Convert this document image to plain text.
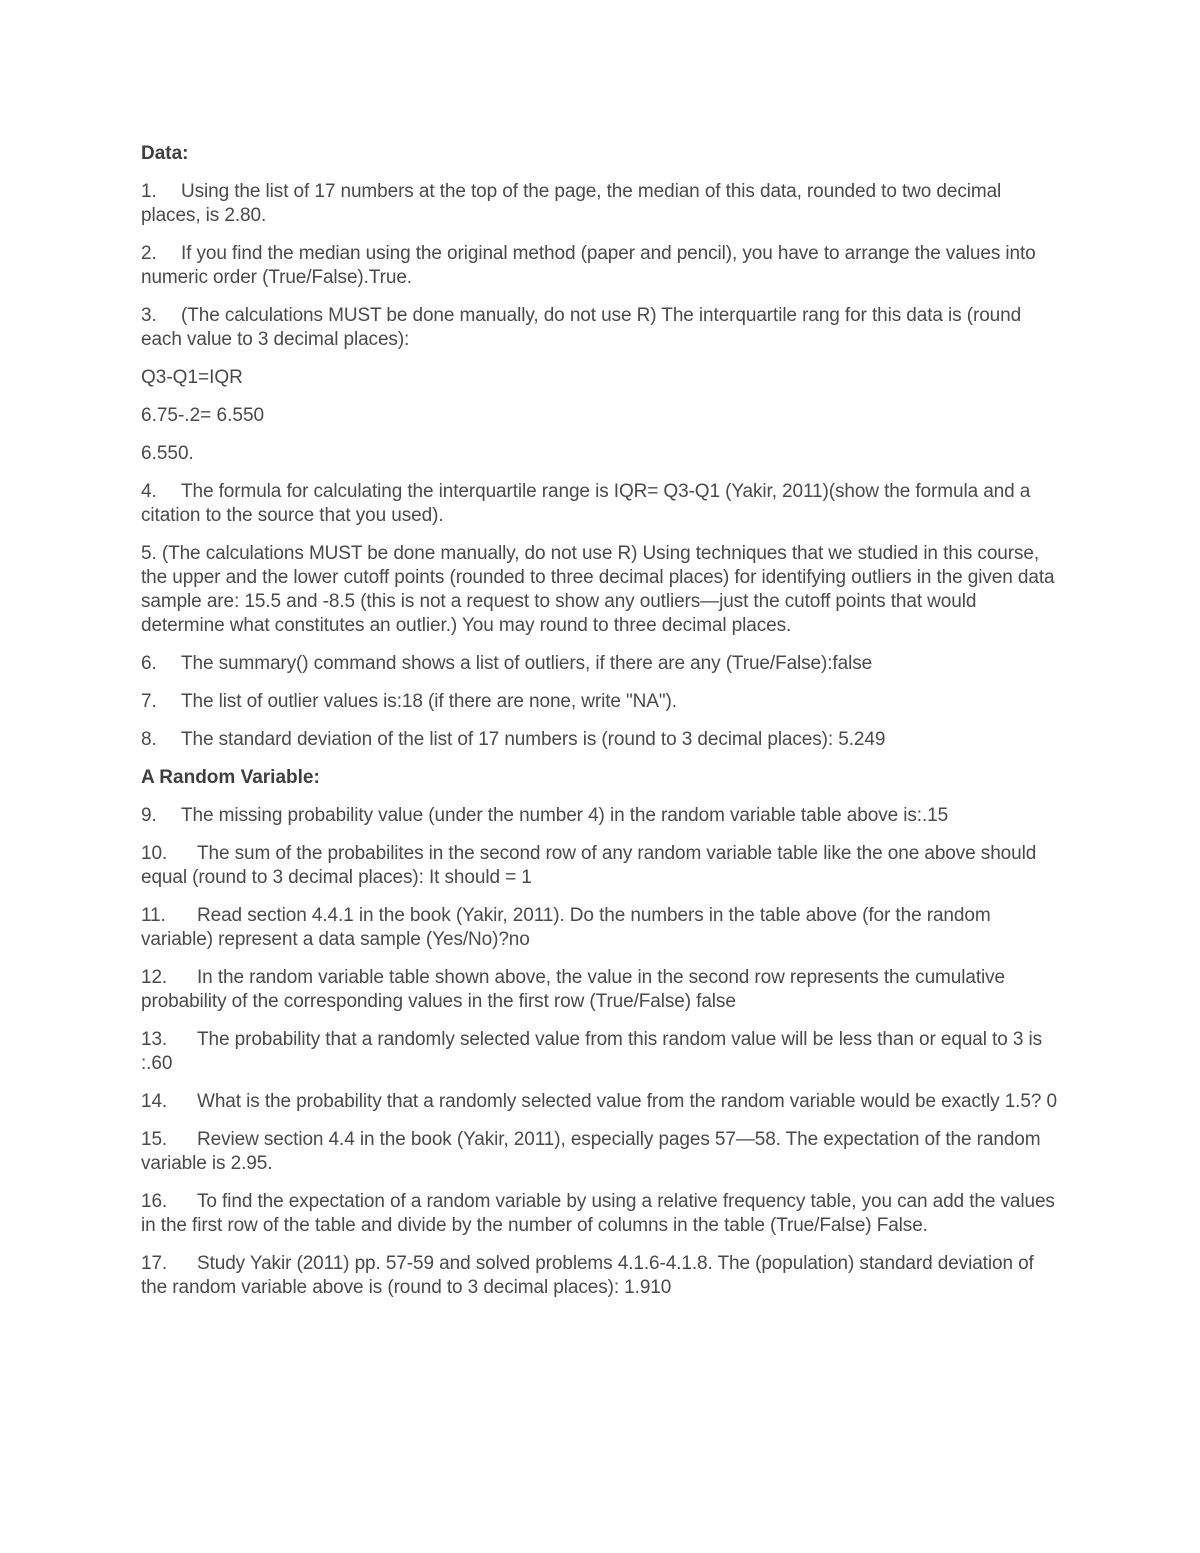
Data:
1. Using the list of 17 numbers at the top of the page, the median of this data, rounded to two decimal places, is 2.80.
2. If you find the median using the original method (paper and pencil), you have to arrange the values into numeric order (True/False).True.
3. (The calculations MUST be done manually, do not use R) The interquartile rang for this data is (round each value to 3 decimal places):
Q3-Q1=IQR
6.75-.2= 6.550
6.550.
4. The formula for calculating the interquartile range is IQR= Q3-Q1 (Yakir, 2011)(show the formula and a citation to the source that you used).
5. (The calculations MUST be done manually, do not use R) Using techniques that we studied in this course, the upper and the lower cutoff points (rounded to three decimal places) for identifying outliers in the given data sample are: 15.5 and -8.5 (this is not a request to show any outliers—just the cutoff points that would determine what constitutes an outlier.) You may round to three decimal places.
6. The summary() command shows a list of outliers, if there are any (True/False):false
7. The list of outlier values is:18 (if there are none, write "NA").
8. The standard deviation of the list of 17 numbers is (round to 3 decimal places): 5.249
A Random Variable:
9. The missing probability value (under the number 4) in the random variable table above is:.15
10. The sum of the probabilites in the second row of any random variable table like the one above should equal (round to 3 decimal places): It should = 1
11. Read section 4.4.1 in the book (Yakir, 2011). Do the numbers in the table above (for the random variable) represent a data sample (Yes/No)?no
12. In the random variable table shown above, the value in the second row represents the cumulative probability of the corresponding values in the first row (True/False) false
13. The probability that a randomly selected value from this random value will be less than or equal to 3 is :.60
14. What is the probability that a randomly selected value from the random variable would be exactly 1.5? 0
15. Review section 4.4 in the book (Yakir, 2011), especially pages 57—58. The expectation of the random variable is 2.95.
16. To find the expectation of a random variable by using a relative frequency table, you can add the values in the first row of the table and divide by the number of columns in the table (True/False) False.
17. Study Yakir (2011) pp. 57-59 and solved problems 4.1.6-4.1.8. The (population) standard deviation of the random variable above is (round to 3 decimal places): 1.910
